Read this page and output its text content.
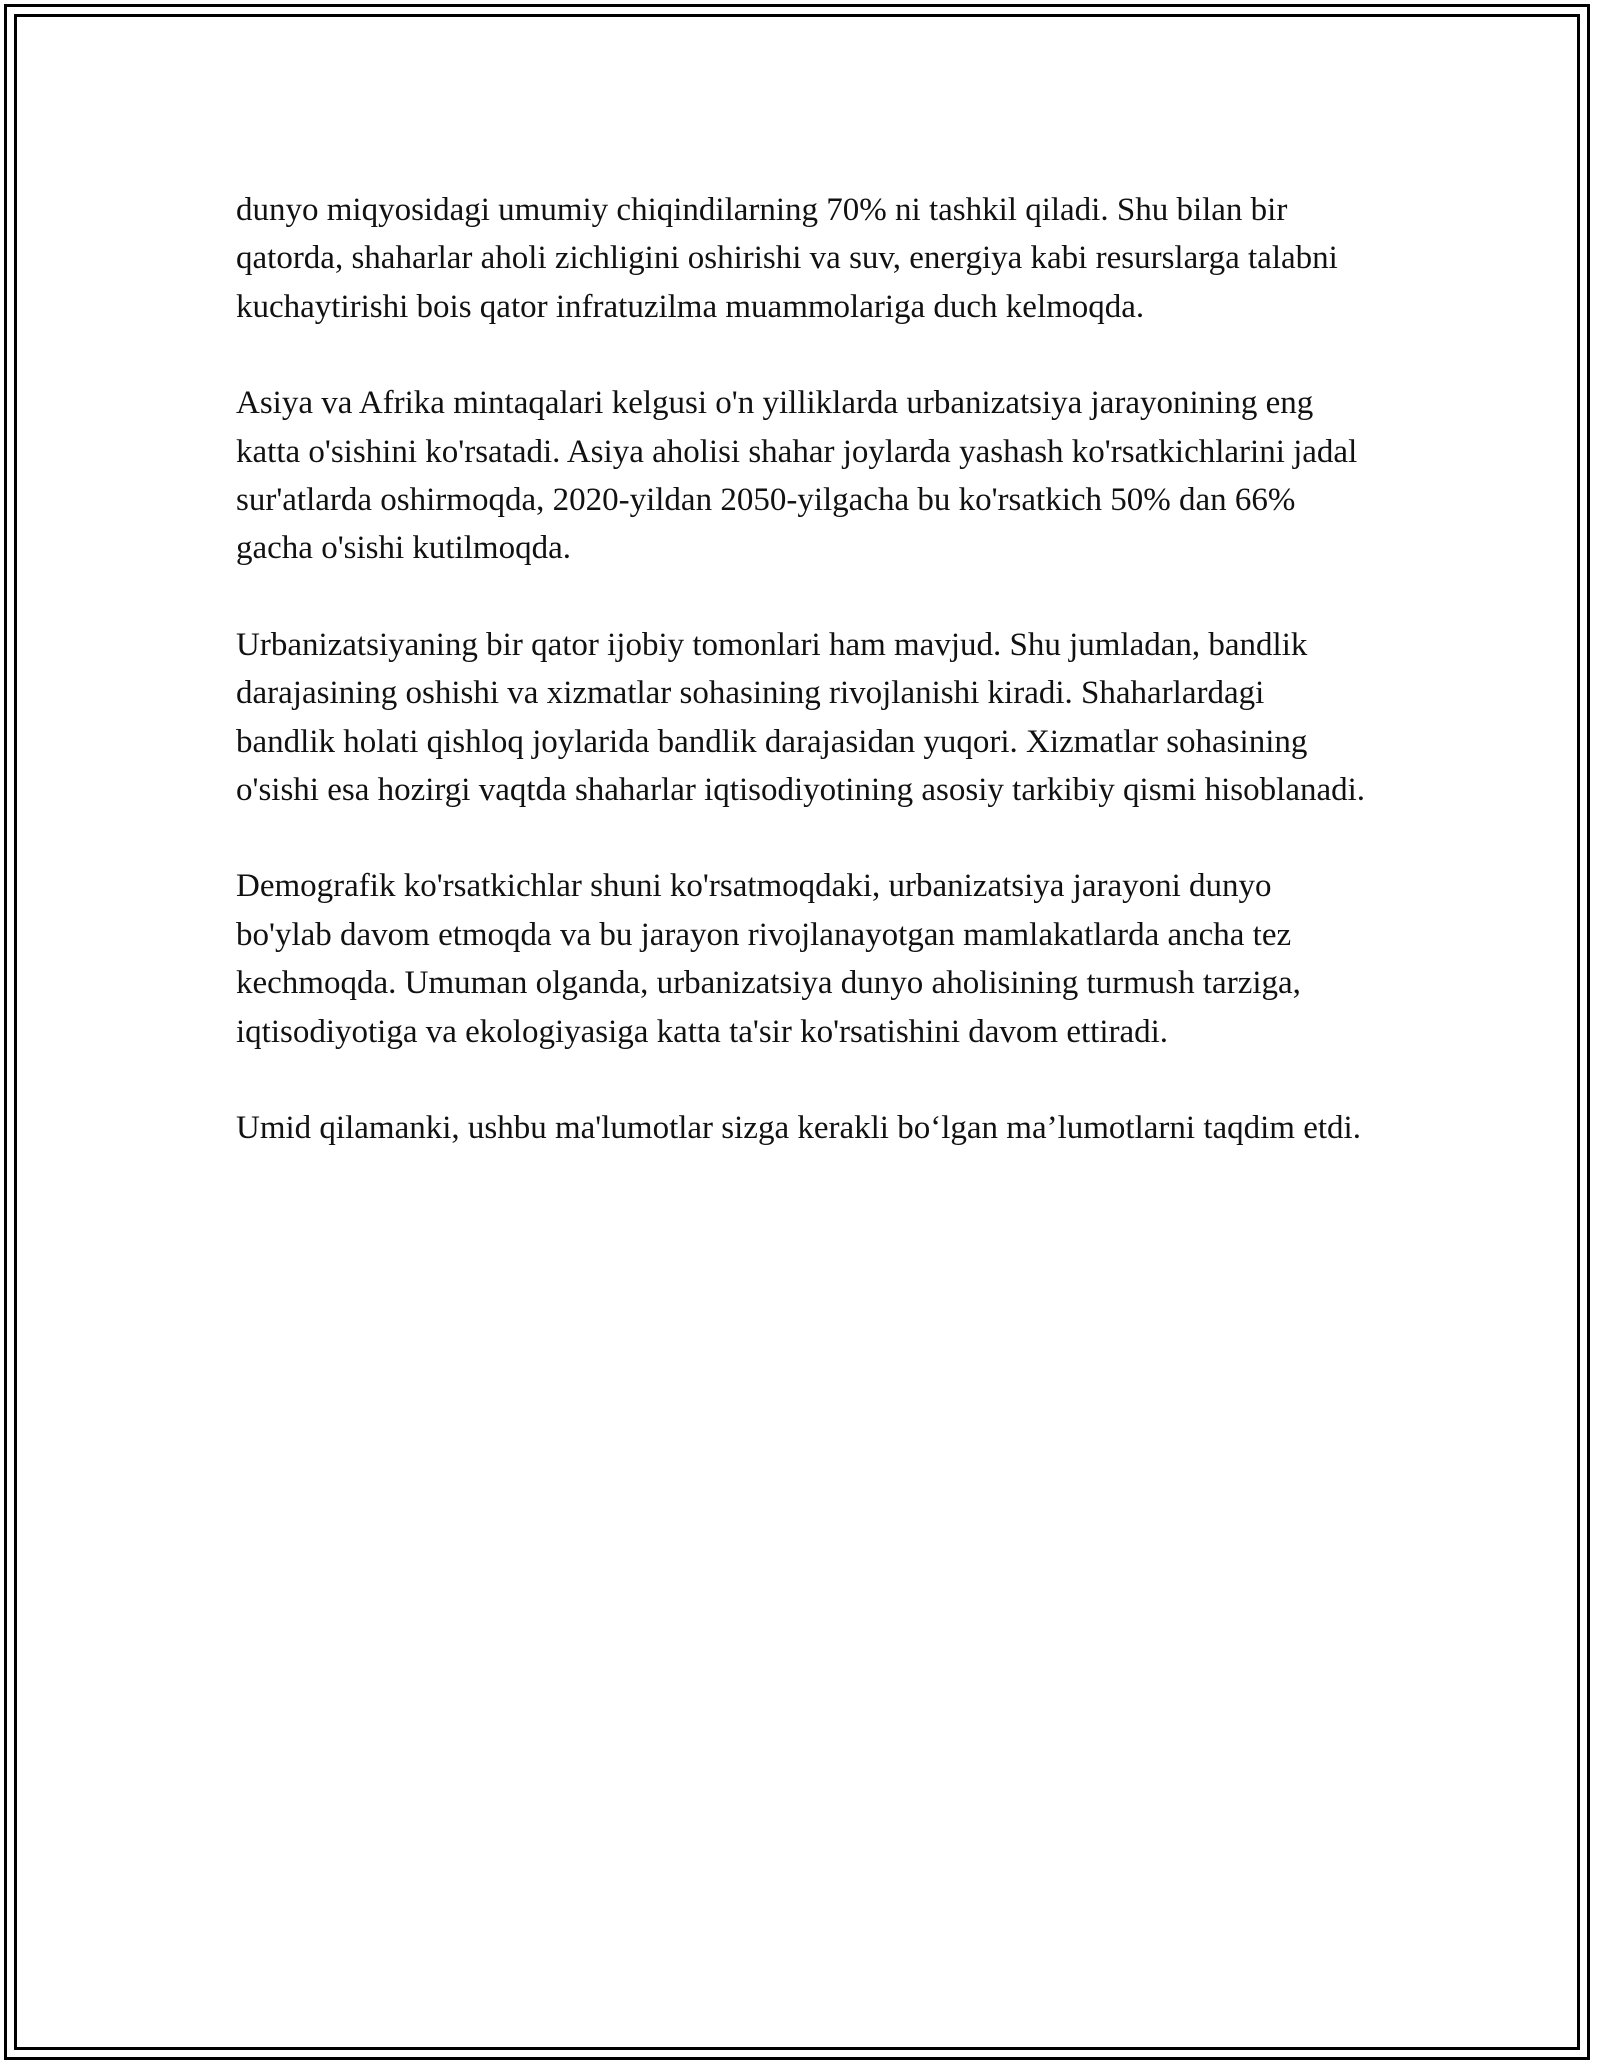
dunyo miqyosidagi umumiy chiqindilarning 70% ni tashkil qiladi. Shu bilan bir qatorda, shaharlar aholi zichligini oshirishi va suv, energiya kabi resurslarga talabni kuchaytirishi bois qator infratuzilma muammolariga duch kelmoqda.

Asiya va Afrika mintaqalari kelgusi o'n yilliklarda urbanizatsiya jarayonining eng katta o'sishini ko'rsatadi. Asiya aholisi shahar joylarda yashash ko'rsatkichlarini jadal sur'atlarda oshirmoqda, 2020-yildan 2050-yilgacha bu ko'rsatkich 50% dan 66% gacha o'sishi kutilmoqda.

Urbanizatsiyaning bir qator ijobiy tomonlari ham mavjud. Shu jumladan, bandlik darajasining oshishi va xizmatlar sohasining rivojlanishi kiradi. Shaharlardagi bandlik holati qishloq joylarida bandlik darajasidan yuqori. Xizmatlar sohasining o'sishi esa hozirgi vaqtda shaharlar iqtisodiyotining asosiy tarkibiy qismi hisoblanadi.

Demografik ko'rsatkichlar shuni ko'rsatmoqdaki, urbanizatsiya jarayoni dunyo bo'ylab davom etmoqda va bu jarayon rivojlanayotgan mamlakatlarda ancha tez kechmoqda. Umuman olganda, urbanizatsiya dunyo aholisining turmush tarziga, iqtisodiyotiga va ekologiyasiga katta ta'sir ko'rsatishini davom ettiradi.

Umid qilamanki, ushbu ma'lumotlar sizga kerakli bo‘lgan ma’lumotlarni taqdim etdi.
